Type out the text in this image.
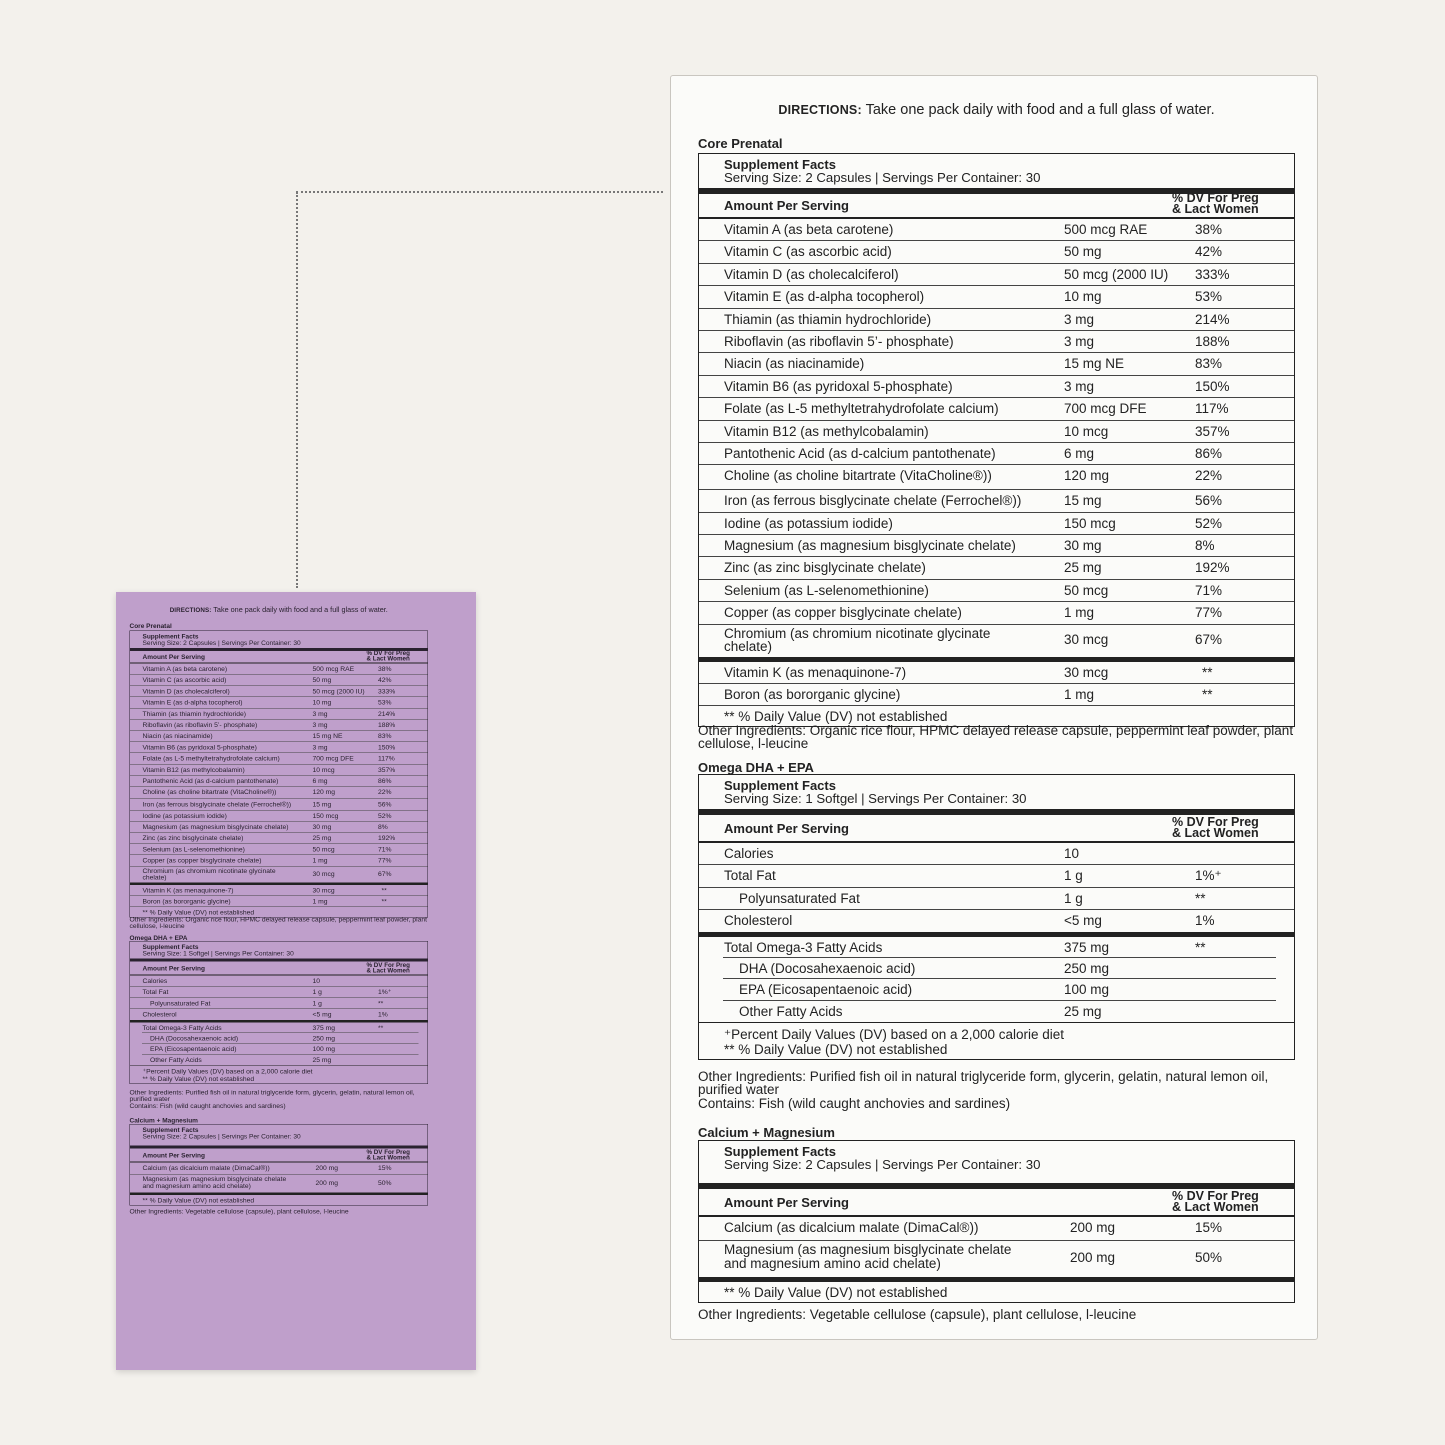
DIRECTIONS: Take one pack daily with food and a full glass of water.
Core Prenatal
Supplement Facts
Serving Size: 2 Capsules | Servings Per Container: 30
Amount Per Serving	% DV For Preg
& Lact Women
Vitamin A (as beta carotene)	500 mcg RAE 38%
Vitamin C (as ascorbic acid)	50 mg	42%
Vitamin D (as cholecalciferol)	50 mcg (2000 IU) 333%
Vitamin E (as d-alpha tocopherol)	10 mg	53%
Thiamin (as thiamin hydrochloride)	3 mg	214%
Riboflavin (as riboflavin 5’- phosphate)	3 mg	188%
Niacin (as niacinamide)	15 mg NE	83%
Vitamin B6 (as pyridoxal 5-phosphate)	3 mg	150%
Folate (as L-5 methyltetrahydrofolate calcium) 700 mcg DFE 117%
Vitamin B12 (as methylcobalamin)	10 mcg	357%
Pantothenic Acid (as d-calcium pantothenate)	6 mg	86%
Choline (as choline bitartrate (VitaCholine®))	120 mg	22%
Iron (as ferrous bisglycinate chelate (Ferrochel®)) 15 mg	56%
Iodine (as potassium iodide)	150 mcg	52%
Magnesium (as magnesium bisglycinate chelate) 30 mg	8%
Zinc (as zinc bisglycinate chelate)	25 mg	192%
Selenium (as L-selenomethionine)	50 mcg	71%
Copper (as copper bisglycinate chelate)	1 mg	77%
Chromium (as chromium nicotinate glycinate chelate)	30 mcg	67%
Vitamin K (as menaquinone-7)	30 mcg	**
Boron (as bororganic glycine)	1 mg	**
** % Daily Value (DV) not established
Other Ingredients: Organic rice flour, HPMC delayed release capsule, peppermint leaf powder, plant cellulose, l-leucine
Omega DHA + EPA
Supplement Facts
Serving Size: 1 Softgel | Servings Per Container: 30
Amount Per Serving	% DV For Preg
& Lact Women
Calories	10
Total Fat	1 g	1%⁺
Polyunsaturated Fat	1 g	**
Cholesterol	<5 mg	1%
Total Omega-3 Fatty Acids	375 mg	**
DHA (Docosahexaenoic acid)	250 mg
EPA (Eicosapentaenoic acid)	100 mg
Other Fatty Acids	25 mg
⁺Percent Daily Values (DV) based on a 2,000 calorie diet
** % Daily Value (DV) not established
Other Ingredients: Purified fish oil in natural triglyceride form, glycerin, gelatin, natural lemon oil, purified water
Contains: Fish (wild caught anchovies and sardines)
Calcium + Magnesium
Supplement Facts
Serving Size: 2 Capsules | Servings Per Container: 30
Amount Per Serving	% DV For Preg
& Lact Women
Calcium (as dicalcium malate (DimaCal®))	200 mg	15%
Magnesium (as magnesium bisglycinate chelate and magnesium amino acid chelate)	200 mg	50%
** % Daily Value (DV) not established
Other Ingredients: Vegetable cellulose (capsule), plant cellulose, l-leucine
DIRECTIONS: Take one pack daily with food and a full glass of water.
Core Prenatal
Supplement Facts
Serving Size: 2 Capsules | Servings Per Container: 30
Amount Per Serving	% DV For Preg
& Lact Women
Vitamin A (as beta carotene)	500 mcg RAE	38%
Vitamin C (as ascorbic acid)	50 mg	42%
Vitamin D (as cholecalciferol)	50 mcg (2000 IU) 333%
Vitamin E (as d-alpha tocopherol)	10 mg	53%
Thiamin (as thiamin hydrochloride)	3 mg	214%
Riboflavin (as riboflavin 5’- phosphate)	3 mg	188%
Niacin (as niacinamide)	15 mg NE	83%
Vitamin B6 (as pyridoxal 5-phosphate)	3 mg	150%
Folate (as L-5 methyltetrahydrofolate calcium)	700 mcg DFE	117%
Vitamin B12 (as methylcobalamin)	10 mcg	357%
Pantothenic Acid (as d-calcium pantothenate)	6 mg	86%
Choline (as choline bitartrate (VitaCholine®))	120 mg	22%
Iron (as ferrous bisglycinate chelate (Ferrochel®))	15 mg	56%
Iodine (as potassium iodide)	150 mcg	52%
Magnesium (as magnesium bisglycinate chelate)	30 mg	8%
Zinc (as zinc bisglycinate chelate)	25 mg	192%
Selenium (as L-selenomethionine)	50 mcg	71%
Copper (as copper bisglycinate chelate)	1 mg	77%
Chromium (as chromium nicotinate glycinate chelate)	30 mcg	67%
Vitamin K (as menaquinone-7)	30 mcg	**
Boron (as bororganic glycine)	1 mg	**
** % Daily Value (DV) not established
Other Ingredients: Organic rice flour, HPMC delayed release capsule, peppermint leaf powder, plant cellulose, l-leucine
Omega DHA + EPA
Supplement Facts
Serving Size: 1 Softgel | Servings Per Container: 30
Amount Per Serving	% DV For Preg
& Lact Women
Calories	10
Total Fat	1 g	1%⁺
Polyunsaturated Fat	1 g	**
Cholesterol	<5 mg	1%
Total Omega-3 Fatty Acids	375 mg	**
DHA (Docosahexaenoic acid)	250 mg
EPA (Eicosapentaenoic acid)	100 mg
Other Fatty Acids	25 mg
⁺Percent Daily Values (DV) based on a 2,000 calorie diet
** % Daily Value (DV) not established
Other Ingredients: Purified fish oil in natural triglyceride form, glycerin, gelatin, natural lemon oil, purified water
Contains: Fish (wild caught anchovies and sardines)
Calcium + Magnesium
Supplement Facts
Serving Size: 2 Capsules | Servings Per Container: 30
Amount Per Serving	% DV For Preg
& Lact Women
Calcium (as dicalcium malate (DimaCal®))	200 mg	15%
Magnesium (as magnesium bisglycinate chelate and magnesium amino acid chelate)	200 mg	50%
** % Daily Value (DV) not established
Other Ingredients: Vegetable cellulose (capsule), plant cellulose, l-leucine
